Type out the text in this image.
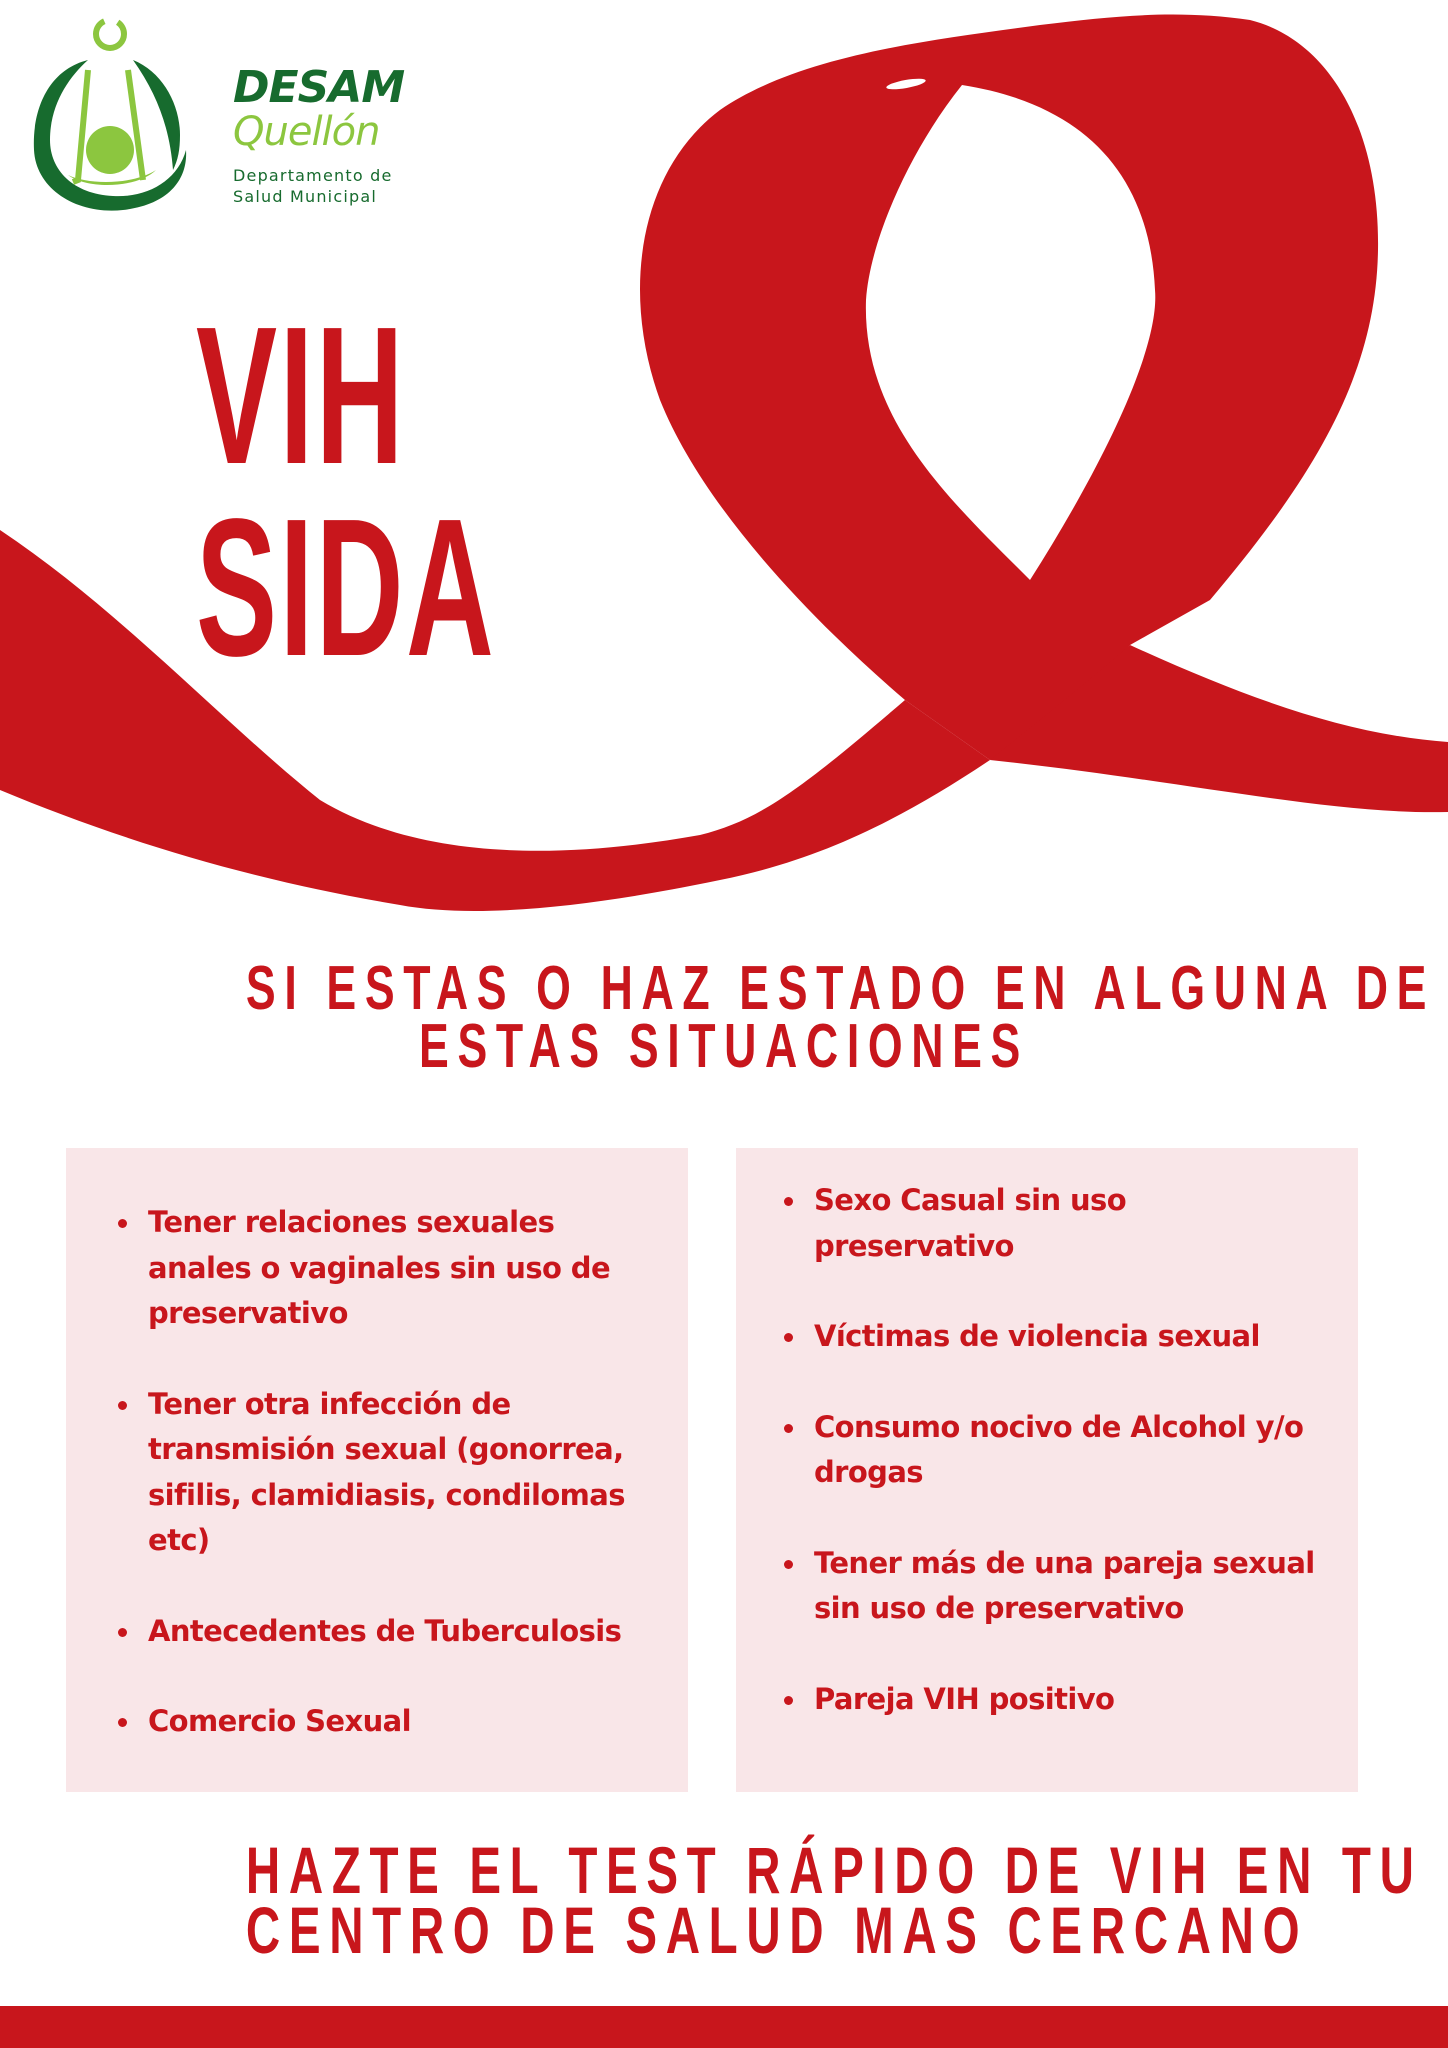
DESAM
Quellón
Departamento de
Salud Municipal
VIH
SIDA
SI ESTAS O HAZ ESTADO EN ALGUNA DE
ESTAS SITUACIONES
Tener relaciones sexuales anales o vaginales sin uso de preservativo
Tener otra infección de transmisión sexual (gonorrea, sifilis, clamidiasis, condilomas etc)
Antecedentes de Tuberculosis
Comercio Sexual
Sexo Casual sin uso preservativo
Víctimas de violencia sexual
Consumo nocivo de Alcohol y/o drogas
Tener más de una pareja sexual sin uso de preservativo
Pareja VIH positivo
HAZTE EL TEST RÁPIDO DE VIH EN TU
CENTRO DE SALUD MAS CERCANO
